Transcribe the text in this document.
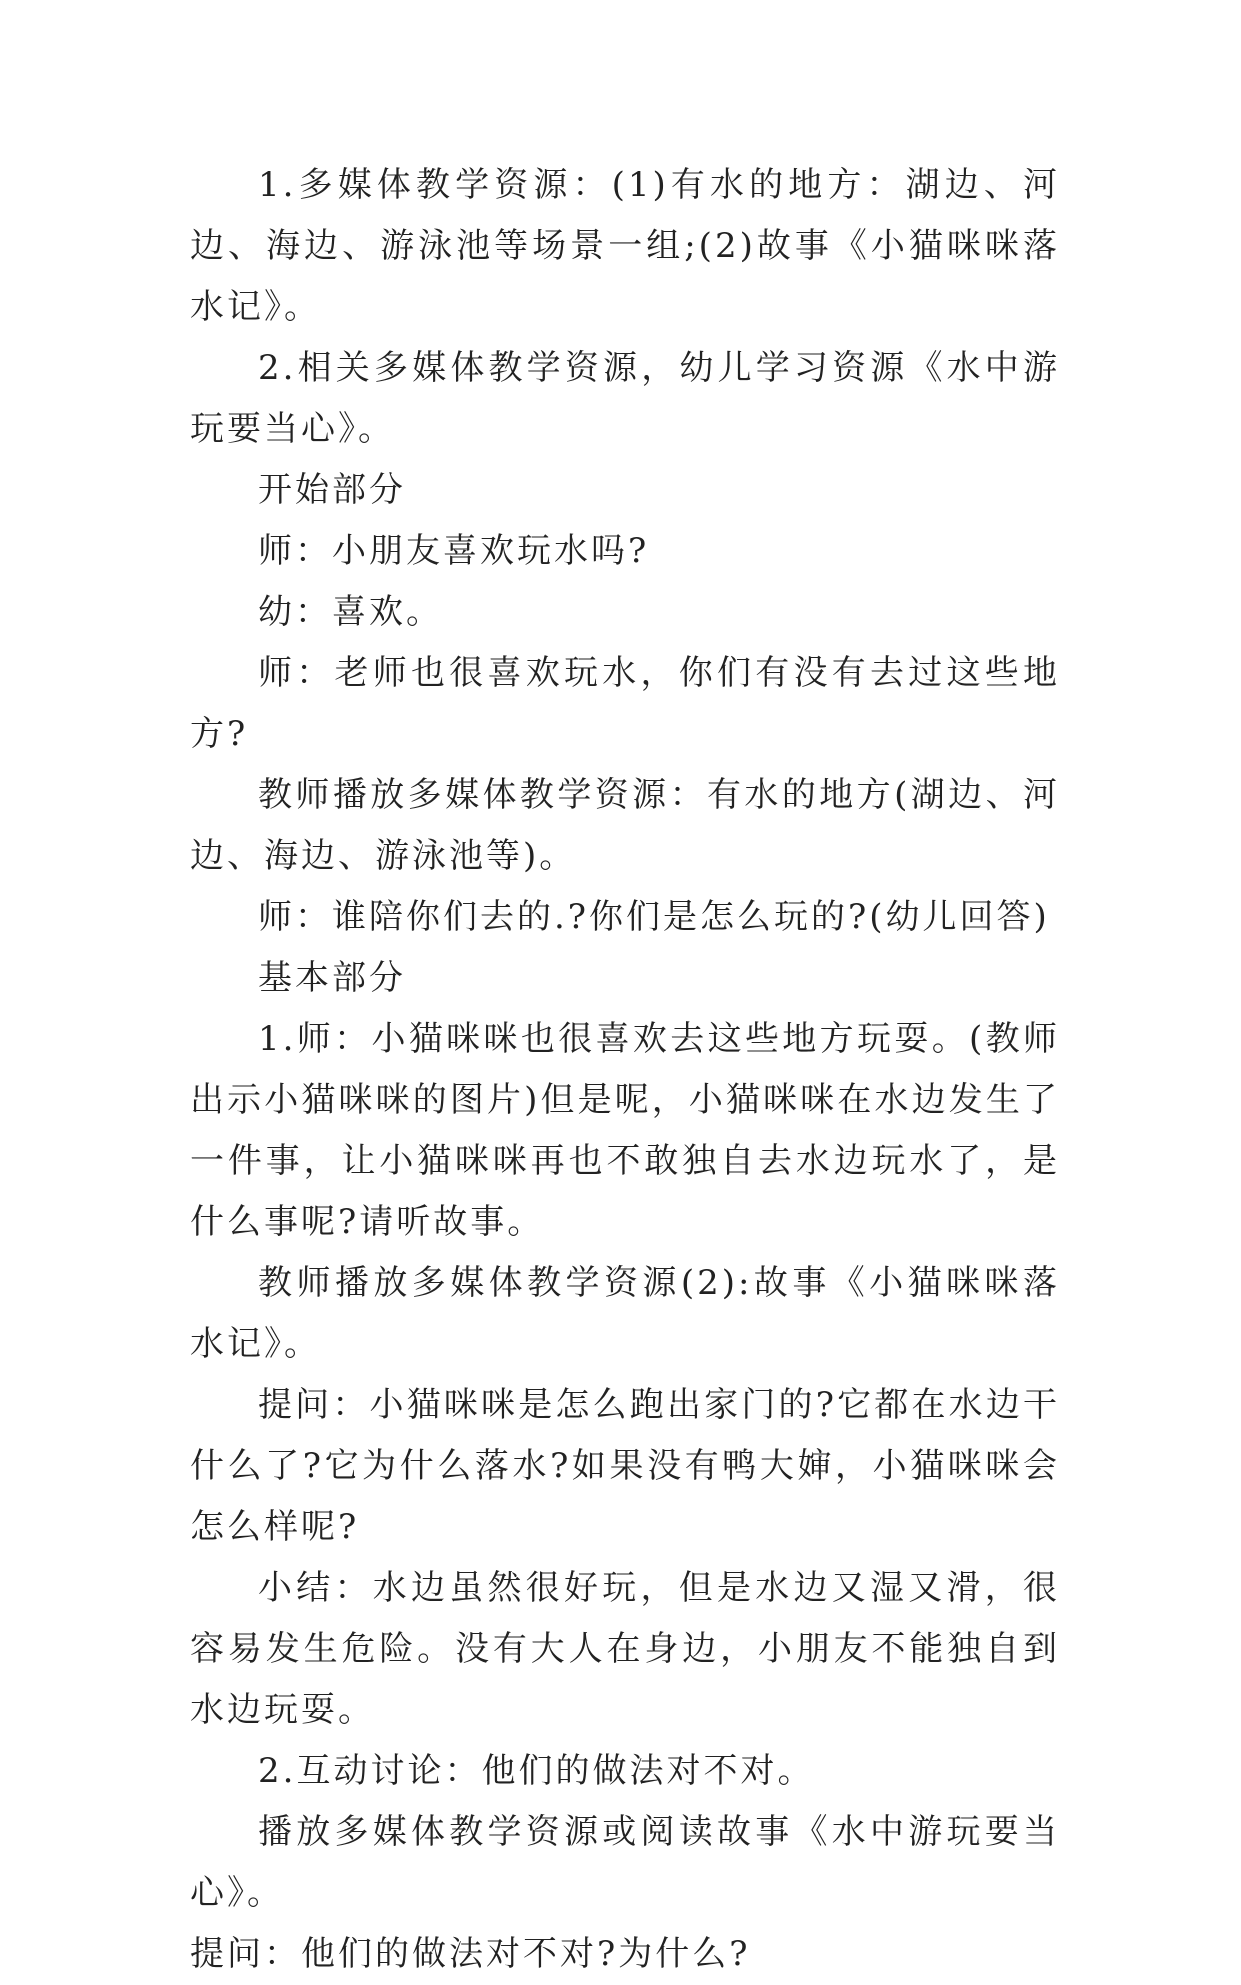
1.多媒体教学资源：(1)有水的地方：湖边、河边、海边、游泳池等场景一组;(2)故事《小猫咪咪落水记》。

2.相关多媒体教学资源，幼儿学习资源《水中游玩要当心》。

开始部分

师：小朋友喜欢玩水吗?

幼：喜欢。

师：老师也很喜欢玩水，你们有没有去过这些地方?

教师播放多媒体教学资源：有水的地方(湖边、河边、海边、游泳池等)。

师：谁陪你们去的.?你们是怎么玩的?(幼儿回答)

基本部分

1.师：小猫咪咪也很喜欢去这些地方玩耍。(教师出示小猫咪咪的图片)但是呢，小猫咪咪在水边发生了一件事，让小猫咪咪再也不敢独自去水边玩水了，是什么事呢?请听故事。

教师播放多媒体教学资源(2):故事《小猫咪咪落水记》。

提问：小猫咪咪是怎么跑出家门的?它都在水边干什么了?它为什么落水?如果没有鸭大婶，小猫咪咪会怎么样呢?

小结：水边虽然很好玩，但是水边又湿又滑，很容易发生危险。没有大人在身边，小朋友不能独自到水边玩耍。

2.互动讨论：他们的做法对不对。

播放多媒体教学资源或阅读故事《水中游玩要当心》。

提问：他们的做法对不对?为什么?
